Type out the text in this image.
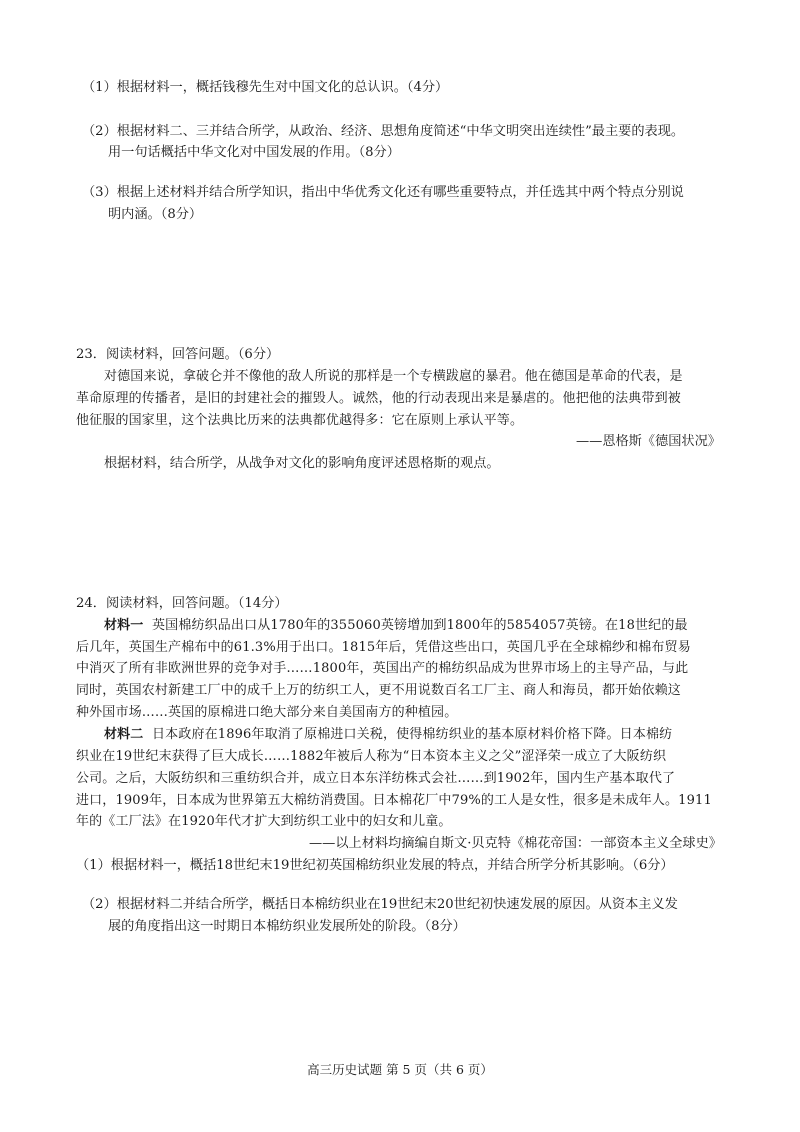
（1）根据材料一，概括钱穆先生对中国文化的总认识。（4分）
（2）根据材料二、三并结合所学，从政治、经济、思想角度简述“中华文明突出连续性”最主要的表现。
用一句话概括中华文化对中国发展的作用。（8分）
（3）根据上述材料并结合所学知识，指出中华优秀文化还有哪些重要特点，并任选其中两个特点分别说
明内涵。（8分）
23．阅读材料，回答问题。（6分）
对德国来说，拿破仑并不像他的敌人所说的那样是一个专横跋扈的暴君。他在德国是革命的代表，是
革命原理的传播者，是旧的封建社会的摧毁人。诚然，他的行动表现出来是暴虐的。他把他的法典带到被
他征服的国家里，这个法典比历来的法典都优越得多：它在原则上承认平等。
——恩格斯《德国状况》
根据材料，结合所学，从战争对文化的影响角度评述恩格斯的观点。
24．阅读材料，回答问题。（14分）
材料一 英国棉纺织品出口从1780年的355060英镑增加到1800年的5854057英镑。在18世纪的最
后几年，英国生产棉布中的61.3%用于出口。1815年后，凭借这些出口，英国几乎在全球棉纱和棉布贸易
中消灭了所有非欧洲世界的竞争对手……1800年，英国出产的棉纺织品成为世界市场上的主导产品，与此
同时，英国农村新建工厂中的成千上万的纺织工人，更不用说数百名工厂主、商人和海员，都开始依赖这
种外国市场……英国的原棉进口绝大部分来自美国南方的种植园。
材料二 日本政府在1896年取消了原棉进口关税，使得棉纺织业的基本原材料价格下降。日本棉纺
织业在19世纪末获得了巨大成长……1882年被后人称为“日本资本主义之父”涩泽荣一成立了大阪纺织
公司。之后，大阪纺织和三重纺织合并，成立日本东洋纺株式会社……到1902年，国内生产基本取代了
进口，1909年，日本成为世界第五大棉纺消费国。日本棉花厂中79%的工人是女性，很多是未成年人。1911
年的《工厂法》在1920年代才扩大到纺织工业中的妇女和儿童。
——以上材料均摘编自斯文·贝克特《棉花帝国：一部资本主义全球史》
（1）根据材料一，概括18世纪末19世纪初英国棉纺织业发展的特点，并结合所学分析其影响。（6分）
（2）根据材料二并结合所学，概括日本棉纺织业在19世纪末20世纪初快速发展的原因。从资本主义发
展的角度指出这一时期日本棉纺织业发展所处的阶段。（8分）
高三历史试题 第 5 页（共 6 页）
